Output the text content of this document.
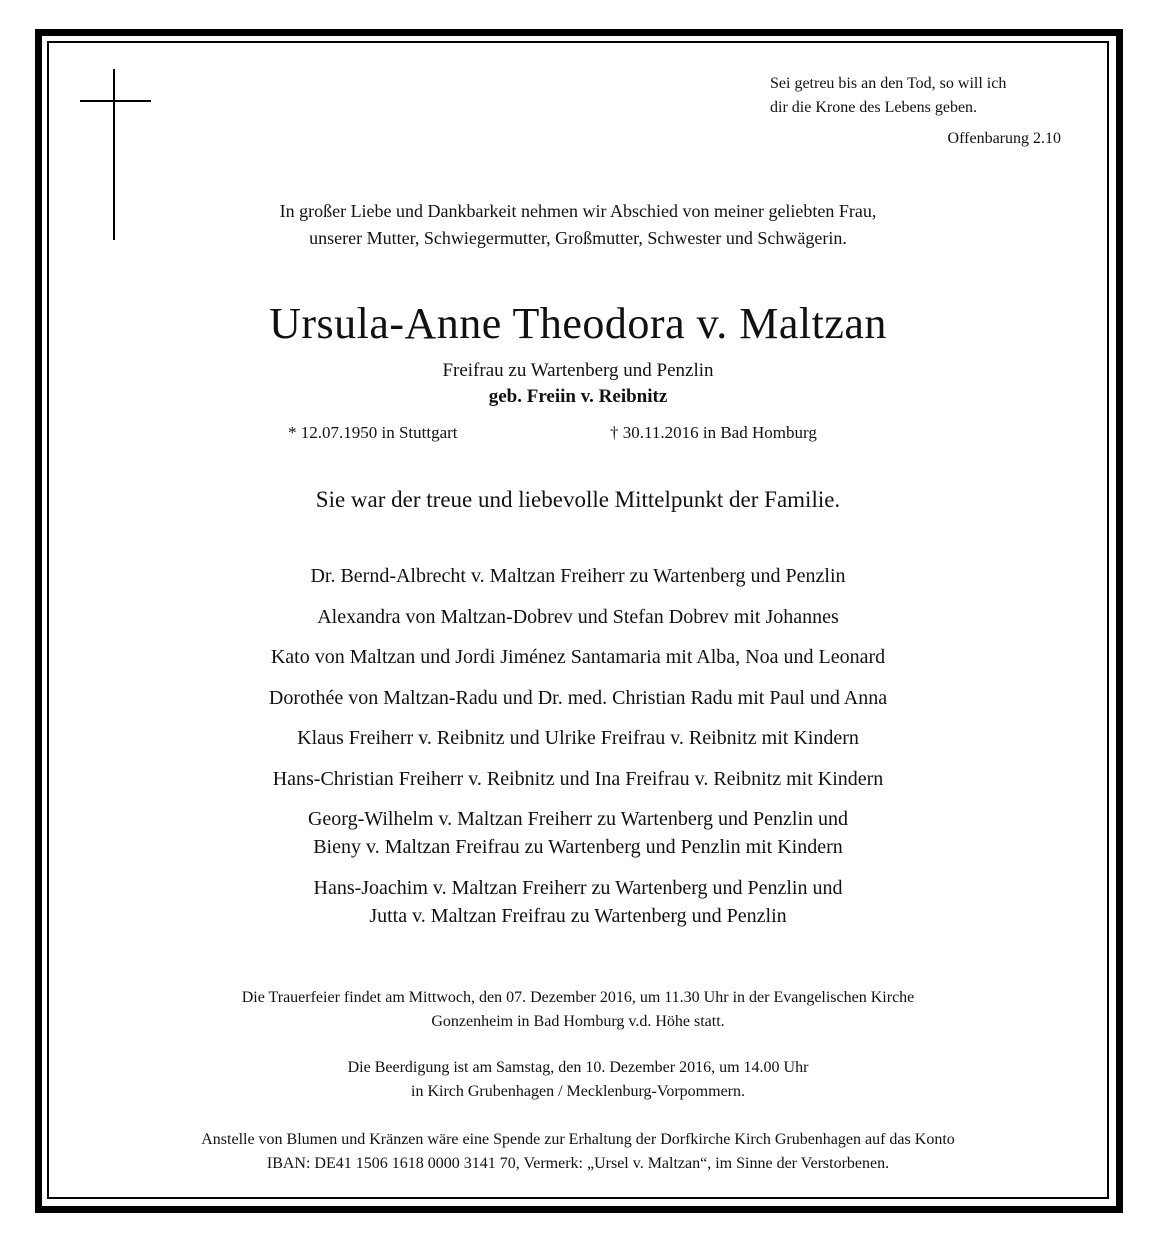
Sei getreu bis an den Tod, so will ich
dir die Krone des Lebens geben.
Offenbarung 2.10
In großer Liebe und Dankbarkeit nehmen wir Abschied von meiner geliebten Frau,
unserer Mutter, Schwiegermutter, Großmutter, Schwester und Schwägerin.
Ursula-Anne Theodora v. Maltzan
Freifrau zu Wartenberg und Penzlin
geb. Freiin v. Reibnitz
* 12.07.1950 in Stuttgart	† 30.11.2016 in Bad Homburg
Sie war der treue und liebevolle Mittelpunkt der Familie.
Dr. Bernd-Albrecht v. Maltzan Freiherr zu Wartenberg und Penzlin
Alexandra von Maltzan-Dobrev und Stefan Dobrev mit Johannes
Kato von Maltzan und Jordi Jiménez Santamaria mit Alba, Noa und Leonard
Dorothée von Maltzan-Radu und Dr. med. Christian Radu mit Paul und Anna
Klaus Freiherr v. Reibnitz und Ulrike Freifrau v. Reibnitz mit Kindern
Hans-Christian Freiherr v. Reibnitz und Ina Freifrau v. Reibnitz mit Kindern
Georg-Wilhelm v. Maltzan Freiherr zu Wartenberg und Penzlin und
Bieny v. Maltzan Freifrau zu Wartenberg und Penzlin mit Kindern
Hans-Joachim v. Maltzan Freiherr zu Wartenberg und Penzlin und
Jutta v. Maltzan Freifrau zu Wartenberg und Penzlin
Die Trauerfeier findet am Mittwoch, den 07. Dezember 2016, um 11.30 Uhr in der Evangelischen Kirche
Gonzenheim in Bad Homburg v.d. Höhe statt.
Die Beerdigung ist am Samstag, den 10. Dezember 2016, um 14.00 Uhr
in Kirch Grubenhagen / Mecklenburg-Vorpommern.
Anstelle von Blumen und Kränzen wäre eine Spende zur Erhaltung der Dorfkirche Kirch Grubenhagen auf das Konto
IBAN: DE41 1506 1618 0000 3141 70, Vermerk: „Ursel v. Maltzan“, im Sinne der Verstorbenen.
